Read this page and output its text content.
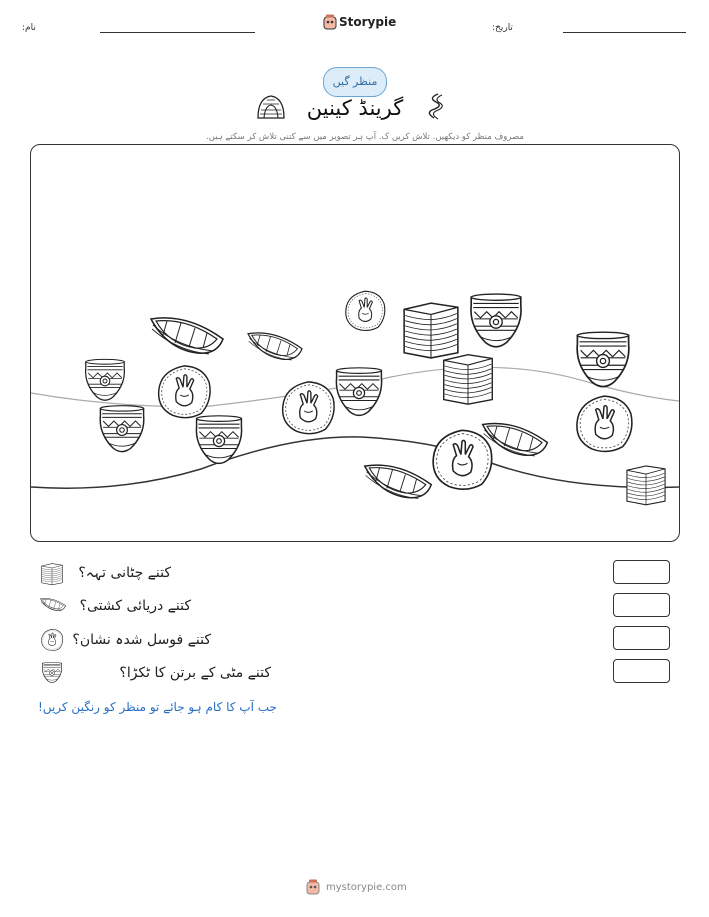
نام:	Storypie	تاریخ:
منظر گیں
گرینڈ کینین
مصروف منظر کو دیکھیں. تلاش کریں ک. آپ ہر تصویر میں سے کتنی تلاش کر سکتے ہیں.
کتنے چٹانی تہہ؟
کتنے دریائی کشتی؟
کتنے فوسل شدہ نشان؟
کتنے مٹی کے برتن کا ٹکڑا؟
جب آپ کا کام ہو جائے تو منظر کو رنگین کریں!
mystorypie.com
